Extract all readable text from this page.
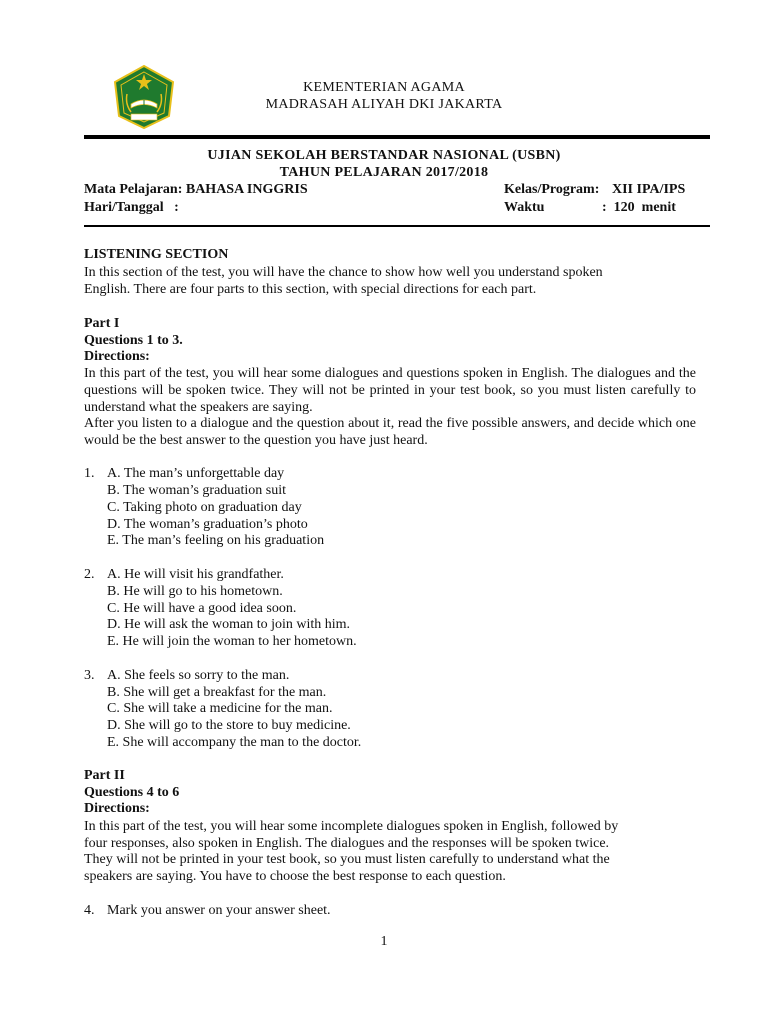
KEMENTERIAN AGAMA
MADRASAH ALIYAH DKI JAKARTA
UJIAN SEKOLAH BERSTANDAR NASIONAL (USBN)
TAHUN PELAJARAN 2017/2018
Mata Pelajaran: BAHASA INGGRIS
Hari/Tanggal   :
Kelas/Program: XII IPA/IPS
Waktu	:  120  menit
LISTENING SECTION
In this section of the test, you will have the chance to show how well you understand spoken
English. There are four parts to this section, with special directions for each part.
Part I
Questions 1 to 3.
Directions:
In this part of the test, you will hear some dialogues and questions spoken in English. The dialogues and the questions will be spoken twice. They will not be printed in your test book, so you must listen carefully to understand what the speakers are saying.
After you listen to a dialogue and the question about it, read the five possible answers, and decide which one would be the best answer to the question you have just heard.
1. A. The man’s unforgettable day
B. The woman’s graduation suit
C. Taking photo on graduation day
D. The woman’s graduation’s photo
E. The man’s feeling on his graduation
2. A. He will visit his grandfather.
B. He will go to his hometown.
C. He will have a good idea soon.
D. He will ask the woman to join with him.
E. He will join the woman to her hometown.
3. A. She feels so sorry to the man.
B. She will get a breakfast for the man.
C. She will take a medicine for the man.
D. She will go to the store to buy medicine.
E. She will accompany the man to the doctor.
Part II
Questions 4 to 6
Directions:
In this part of the test, you will hear some incomplete dialogues spoken in English, followed by
four responses, also spoken in English. The dialogues and the responses will be spoken twice.
They will not be printed in your test book, so you must listen carefully to understand what the
speakers are saying. You have to choose the best response to each question.
4. Mark you answer on your answer sheet.
1
